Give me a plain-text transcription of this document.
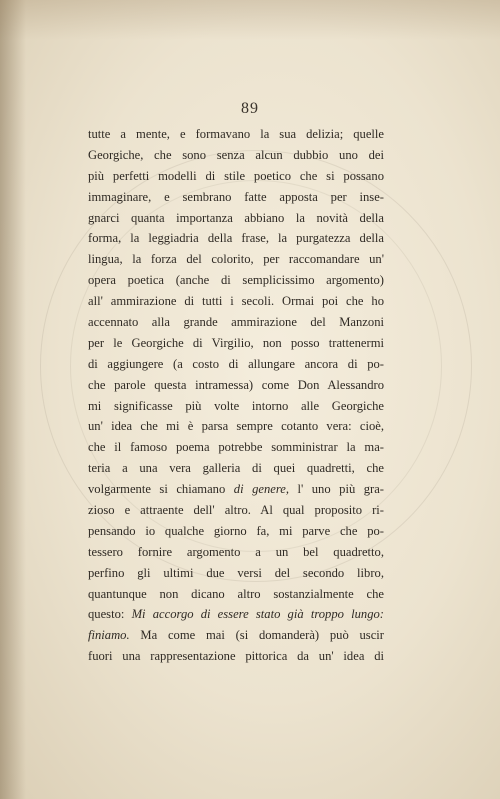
89
tutte a mente, e formavano la sua delizia; quelle
Georgiche, che sono senza alcun dubbio uno dei
più perfetti modelli di stile poetico che si possano
immaginare, e sembrano fatte apposta per inse-
gnarci quanta importanza abbiano la novità della
forma, la leggiadria della frase, la purgatezza della
lingua, la forza del colorito, per raccomandare un'
opera poetica (anche di semplicissimo argomento)
all' ammirazione di tutti i secoli. Ormai poi che ho
accennato alla grande ammirazione del Manzoni
per le Georgiche di Virgilio, non posso trattenermi
di aggiungere (a costo di allungare ancora di po-
che parole questa intramessa) come Don Alessandro
mi significasse più volte intorno alle Georgiche
un' idea che mi è parsa sempre cotanto vera: cioè,
che il famoso poema potrebbe somministrar la ma-
teria a una vera galleria di quei quadretti, che
volgarmente si chiamano di genere, l' uno più gra-
zioso e attraente dell' altro. Al qual proposito ri-
pensando io qualche giorno fa, mi parve che po-
tessero fornire argomento a un bel quadretto,
perfino gli ultimi due versi del secondo libro,
quantunque non dicano altro sostanzialmente che
questo: Mi accorgo di essere stato già troppo lungo:
finiamo. Ma come mai (si domanderà) può uscir
fuori una rappresentazione pittorica da un' idea di
